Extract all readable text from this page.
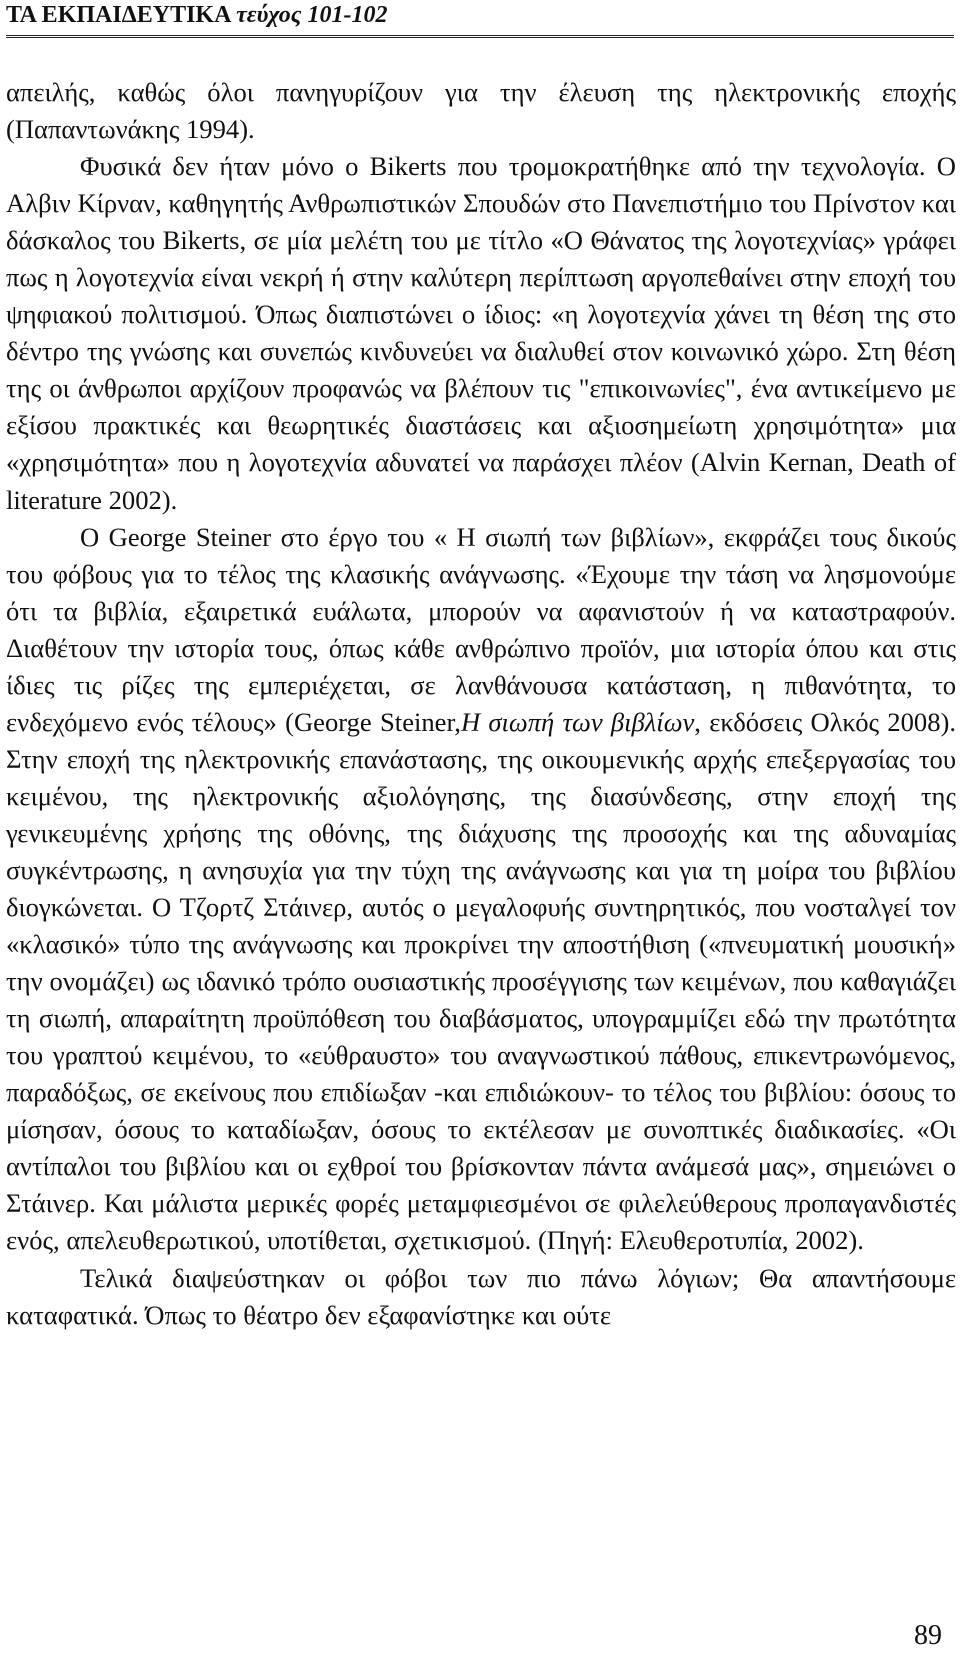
ΤΑ ΕΚΠΑΙΔΕΥΤΙΚΑ τεύχος 101-102

απειλής, καθώς όλοι πανηγυρίζουν για την έλευση της ηλεκτρονικής εποχής (Παπαντωνάκης 1994).

Φυσικά δεν ήταν μόνο ο Bikerts που τρομοκρατήθηκε από την τεχνολογία. Ο Αλβιν Κίρναν, καθηγητής Ανθρωπιστικών Σπουδών στο Πανεπιστήμιο του Πρίνστον και δάσκαλος του Bikerts, σε μία μελέτη του με τίτλο «Ο Θάνατος της λογοτεχνίας» γράφει πως η λογοτεχνία είναι νεκρή ή στην καλύτερη περίπτωση αργοπεθαίνει στην εποχή του ψηφιακού πολιτισμού. Όπως διαπιστώνει ο ίδιος: «η λογοτεχνία χάνει τη θέση της στο δέντρο της γνώσης και συνεπώς κινδυνεύει να διαλυθεί στον κοινωνικό χώρο. Στη θέση της οι άνθρωποι αρχίζουν προφανώς να βλέπουν τις "επικοινωνίες", ένα αντικείμενο με εξίσου πρακτικές και θεωρητικές διαστάσεις και αξιοσημείωτη χρησιμότητα» μια «χρησιμότητα» που η λογοτεχνία αδυνατεί να παράσχει πλέον (Alvin Kernan, Death of literature 2002).

Ο George Steiner στο έργο του « Η σιωπή των βιβλίων», εκφράζει τους δικούς του φόβους για το τέλος της κλασικής ανάγνωσης. «Έχουμε την τάση να λησμονούμε ότι τα βιβλία, εξαιρετικά ευάλωτα, μπορούν να αφανιστούν ή να καταστραφούν. Διαθέτουν την ιστορία τους, όπως κάθε ανθρώπινο προϊόν, μια ιστορία όπου και στις ίδιες τις ρίζες της εμπεριέχεται, σε λανθάνουσα κατάσταση, η πιθανότητα, το ενδεχόμενο ενός τέλους» (George Steiner,Η σιωπή των βιβλίων, εκδόσεις Ολκός 2008). Στην εποχή της ηλεκτρονικής επανάστασης, της οικουμενικής αρχής επεξεργασίας του κειμένου, της ηλεκτρονικής αξιολόγησης, της διασύνδεσης, στην εποχή της γενικευμένης χρήσης της οθόνης, της διάχυσης της προσοχής και της αδυναμίας συγκέντρωσης, η ανησυχία για την τύχη της ανάγνωσης και για τη μοίρα του βιβλίου διογκώνεται. Ο Τζορτζ Στάινερ, αυτός ο μεγαλοφυής συντηρητικός, που νοσταλγεί τον «κλασικό» τύπο της ανάγνωσης και προκρίνει την αποστήθιση («πνευματική μουσική» την ονομάζει) ως ιδανικό τρόπο ουσιαστικής προσέγγισης των κειμένων, που καθαγιάζει τη σιωπή, απαραίτητη προϋπόθεση του διαβάσματος, υπογραμμίζει εδώ την πρωτότητα του γραπτού κειμένου, το «εύθραυστο» του αναγνωστικού πάθους, επικεντρωνόμενος, παραδόξως, σε εκείνους που επιδίωξαν -και επιδιώκουν- το τέλος του βιβλίου: όσους το μίσησαν, όσους το καταδίωξαν, όσους το εκτέλεσαν με συνοπτικές διαδικασίες. «Οι αντίπαλοι του βιβλίου και οι εχθροί του βρίσκονταν πάντα ανάμεσά μας», σημειώνει ο Στάινερ. Και μάλιστα μερικές φορές μεταμφιεσμένοι σε φιλελεύθερους προπαγανδιστές ενός, απελευθερωτικού, υποτίθεται, σχετικισμού. (Πηγή: Ελευθεροτυπία, 2002).

Τελικά διαψεύστηκαν οι φόβοι των πιο πάνω λόγιων; Θα απαντήσουμε καταφατικά. Όπως το θέατρο δεν εξαφανίστηκε και ούτε

89
